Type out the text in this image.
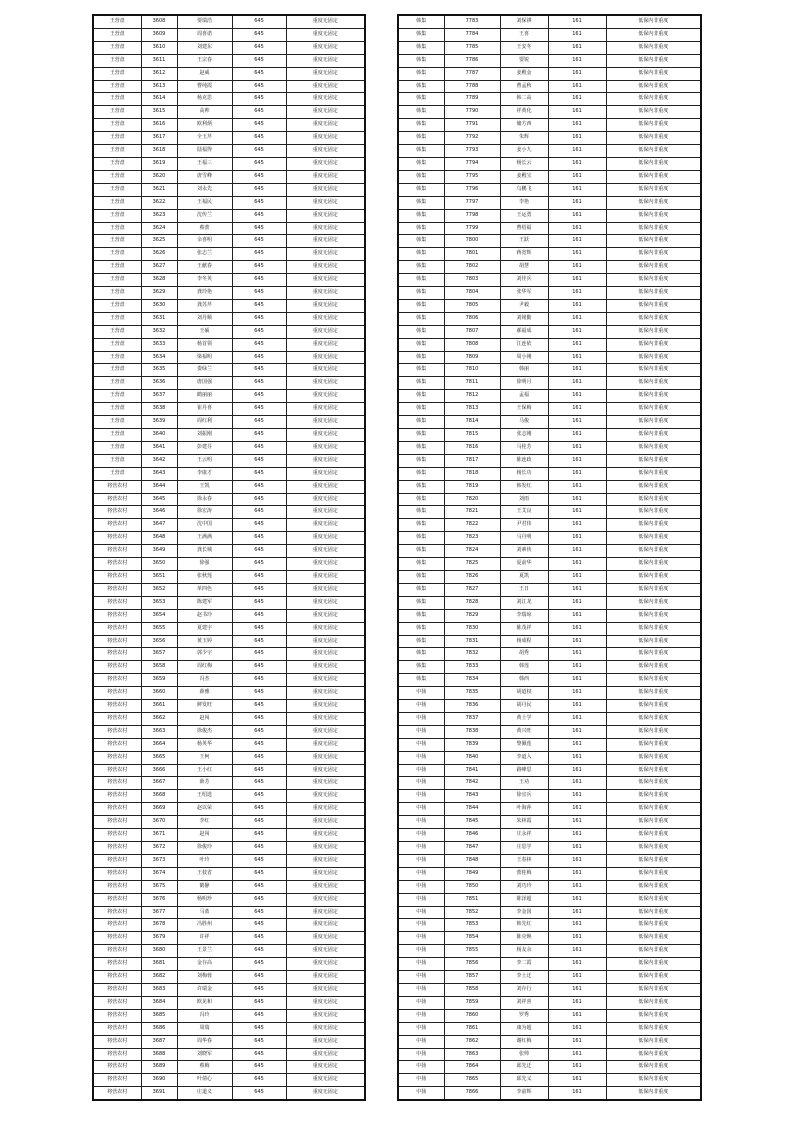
王营盘	3608	要瑞浩	645	重度无固定
王营盘	3609	周喜诺	645	重度无固定
王营盘	3610	刘建东	645	重度无固定
王营盘	3611	王宗春	645	重度无固定
王营盘	3612	赵威	645	重度无固定
王营盘	3613	曹纯霞	645	重度无固定
王营盘	3614	杨克思	645	重度无固定
王营盘	3615	高帅	645	重度无固定
王营盘	3616	欧利炳	645	重度无固定
王营盘	3617	全玉芹	645	重度无固定
王营盘	3618	陆福得	645	重度无固定
王营盘	3619	王福三	645	重度无固定
王营盘	3620	唐雪峰	645	重度无固定
王营盘	3621	刘永先	645	重度无固定
王营盘	3622	王福民	645	重度无固定
王营盘	3623	沈传兰	645	重度无固定
王营盘	3624	蔡蕾	645	重度无固定
王营盘	3625	余喜明	645	重度无固定
王营盘	3626	张志兰	645	重度无固定
王营盘	3627	王献春	645	重度无固定
王营盘	3628	李冬英	645	重度无固定
王营盘	3629	龚玲艳	645	重度无固定
王营盘	3630	龚苏芹	645	重度无固定
王营盘	3631	刘丹顺	645	重度无固定
王营盘	3632	王硕	645	重度无固定
王营盘	3633	杨首领	645	重度无固定
王营盘	3634	梁福明	645	重度无固定
王营盘	3635	娄绿兰	645	重度无固定
王营盘	3636	唐国强	645	重度无固定
王营盘	3637	鹤丽丽	645	重度无固定
王营盘	3638	崔丹喜	645	重度无固定
王营盘	3639	周红利	645	重度无固定
王营盘	3640	刘振刚	645	重度无固定
王营盘	3641	彭建芬	645	重度无固定
王营盘	3642	王云明	645	重度无固定
王营盘	3643	李康才	645	重度无固定
将营农村	3644	王凯	645	重度无固定
将营农村	3645	徐永春	645	重度无固定
将营农村	3646	徐宏涛	645	重度无固定
将营农村	3647	沈中国	645	重度无固定
将营农村	3648	王满满	645	重度无固定
将营农村	3649	龚长城	645	重度无固定
将营农村	3650	徐强	645	重度无固定
将营农村	3651	张秋莲	645	重度无固定
将营农村	3652	单四色	645	重度无固定
将营农村	3653	陈建军	645	重度无固定
将营农村	3654	赵书玲	645	重度无固定
将营农村	3655	夏建宇	645	重度无固定
将营农村	3656	黄玉婷	645	重度无固定
将营农村	3657	郭少宇	645	重度无固定
将营农村	3658	周红梅	645	重度无固定
将营农村	3659	冯杰	645	重度无固定
将营农村	3660	薛雅	645	重度无固定
将营农村	3661	鲜发旺	645	重度无固定
将营农村	3662	赵闯	645	重度无固定
将营农村	3663	徐俊杰	645	重度无固定
将营农村	3664	杨英华	645	重度无固定
将营农村	3665	王柯	645	重度无固定
将营农村	3666	王小红	645	重度无固定
将营农村	3667	薛芳	645	重度无固定
将营农村	3668	王绍选	645	重度无固定
将营农村	3669	赵以荣	645	重度无固定
将营农村	3670	李红	645	重度无固定
将营农村	3671	赵闯	645	重度无固定
将营农村	3672	徐俊玲	645	重度无固定
将营农村	3673	叶玲	645	重度无固定
将营农村	3674	王枝省	645	重度无固定
将营农村	3675	鹤静	645	重度无固定
将营农村	3676	杨明珍	645	重度无固定
将营农村	3677	马蓝	645	重度无固定
将营农村	3678	冯胜州	645	重度无固定
将营农村	3679	许祥	645	重度无固定
将营农村	3680	王景兰	645	重度无固定
将营农村	3681	金存高	645	重度无固定
将营农村	3682	刘梅蓉	645	重度无固定
将营农村	3683	许瑞金	645	重度无固定
将营农村	3684	欧见和	645	重度无固定
将营农村	3685	冯玲	645	重度无固定
将营农村	3686	周瑞	645	重度无固定
将营农村	3687	周华春	645	重度无固定
将营农村	3688	刘晓军	645	重度无固定
将营农村	3689	蔡梅	645	重度无固定
将营农村	3690	叶倩心	645	重度无固定
将营农村	3691	庄道义	645	重度无固定
韩集	7783	刘保祺	161	低保内非重度
韩集	7784	王喜	161	低保内非重度
韩集	7785	王安冬	161	低保内非重度
韩集	7786	要锐	161	低保内非重度
韩集	7787	姜殿金	161	低保内非重度
韩集	7788	曹孟秋	161	低保内非重度
韩集	7789	韩二高	161	低保内非重度
韩集	7790	祥黄化	161	低保内非重度
韩集	7791	储方西	161	低保内非重度
韩集	7792	朱辉	161	低保内非重度
韩集	7793	姜小九	161	低保内非重度
韩集	7794	杨长云	161	低保内非重度
韩集	7795	姜殿宝	161	低保内非重度
韩集	7796	乌鹏飞	161	低保内非重度
韩集	7797	李艳	161	低保内非重度
韩集	7798	王运勇	161	低保内非重度
韩集	7799	曹绍福	161	低保内非重度
韩集	7800	王跃	161	低保内非重度
韩集	7801	蒋宽辉	161	低保内非重度
韩集	7802	胡慧	161	低保内非重度
韩集	7803	刘佳兵	161	低保内非重度
韩集	7804	张华军	161	低保内非重度
韩集	7805	尹毅	161	低保内非重度
韩集	7806	刘铭勤	161	低保内非重度
韩集	7807	郝福成	161	低保内非重度
韩集	7808	江连依	161	低保内非重度
韩集	7809	周小刚	161	低保内非重度
韩集	7810	韩丽	161	低保内非重度
韩集	7811	徐明月	161	低保内非重度
韩集	7812	孟福	161	低保内非重度
韩集	7813	王保梅	161	低保内非重度
韩集	7814	马俊	161	低保内非重度
韩集	7815	张志刚	161	低保内非重度
韩集	7816	马桂芳	161	低保内非重度
韩集	7817	陈连政	161	低保内非重度
韩集	7818	杨长功	161	低保内非重度
韩集	7819	韩发红	161	低保内非重度
韩集	7820	刘雨	161	低保内非重度
韩集	7821	王艾良	161	低保内非重度
韩集	7822	尹君伟	161	低保内非重度
韩集	7823	马丹明	161	低保内非重度
韩集	7824	刘素侠	161	低保内非重度
韩集	7825	夏前华	161	低保内非重度
韩集	7826	夏凯	161	低保内非重度
韩集	7827	王日	161	低保内非重度
韩集	7828	刘江龙	161	低保内非重度
韩集	7829	李瑞琼	161	低保内非重度
韩集	7830	陈茂祥	161	低保内非重度
韩集	7831	杨成程	161	低保内非重度
韩集	7832	胡秀	161	低保内非重度
韩集	7833	韩莲	161	低保内非重度
韩集	7834	韩西	161	低保内非重度
中扬	7835	胡道权	161	低保内非重度
中扬	7836	胡丹民	161	低保内非重度
中扬	7837	黄士学	161	低保内非重度
中扬	7838	黄兴旺	161	低保内非重度
中扬	7839	黎佩莲	161	低保内非重度
中扬	7840	李道入	161	低保内非重度
中扬	7841	路峰思	161	低保内非重度
中扬	7842	王劝	161	低保内非重度
中扬	7843	徐宜兵	161	低保内非重度
中扬	7844	叶海萍	161	低保内非重度
中扬	7845	朱林霞	161	低保内非重度
中扬	7846	庄永祥	161	低保内非重度
中扬	7847	庄思学	161	低保内非重度
中扬	7848	王春林	161	低保内非重度
中扬	7849	蕾桂梅	161	低保内非重度
中扬	7850	刘巧玲	161	低保内非重度
中扬	7851	陈泽超	161	低保内非重度
中扬	7852	李金国	161	低保内非重度
中扬	7853	韩先红	161	低保内非重度
中扬	7854	陈克焕	161	低保内非重度
中扬	7855	杨友余	161	低保内非重度
中扬	7856	李二霞	161	低保内非重度
中扬	7857	李士迁	161	低保内非重度
中扬	7858	刘存行	161	低保内非重度
中扬	7859	刘祥喜	161	低保内非重度
中扬	7860	罗秀	161	低保内非重度
中扬	7861	康为超	161	低保内非重度
中扬	7862	谢红梅	161	低保内非重度
中扬	7863	张帅	161	低保内非重度
中扬	7864	邱先迁	161	低保内非重度
中扬	7865	邱先义	161	低保内非重度
中扬	7866	李前辉	161	低保内非重度
